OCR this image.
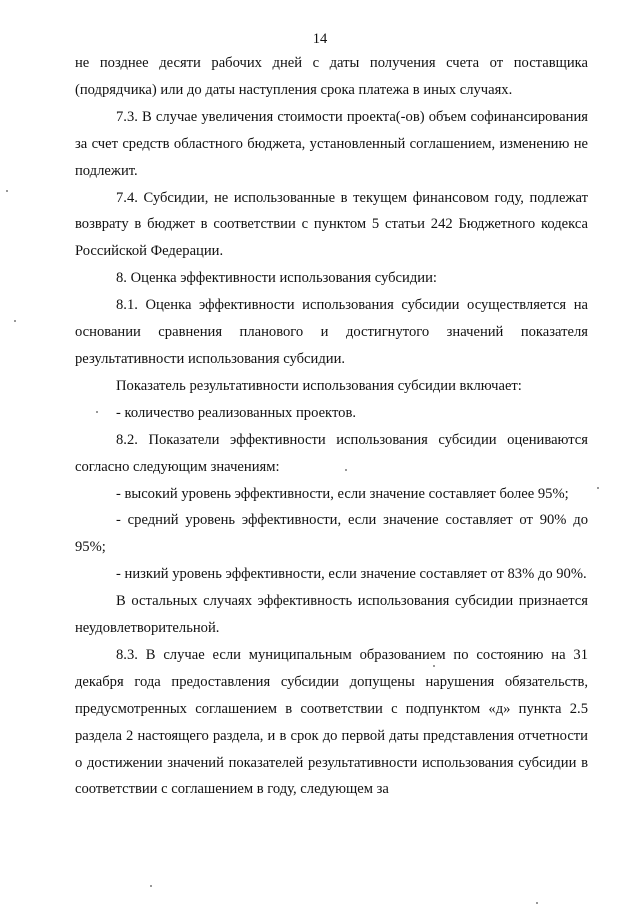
14

не позднее десяти рабочих дней с даты получения счета от поставщика (подрядчика) или до даты наступления срока платежа в иных случаях.

7.3. В случае увеличения стоимости проекта(-ов) объем софинансирования за счет средств областного бюджета, установленный соглашением, изменению не подлежит.

7.4. Субсидии, не использованные в текущем финансовом году, подлежат возврату в бюджет в соответствии с пунктом 5 статьи 242 Бюджетного кодекса Российской Федерации.

8. Оценка эффективности использования субсидии:

8.1. Оценка эффективности использования субсидии осуществляется на основании сравнения планового и достигнутого значений показателя результативности использования субсидии.

Показатель результативности использования субсидии включает:

- количество реализованных проектов.

8.2. Показатели эффективности использования субсидии оцениваются согласно следующим значениям:

- высокий уровень эффективности, если значение составляет более 95%;

- средний уровень эффективности, если значение составляет от 90% до 95%;

- низкий уровень эффективности, если значение составляет от 83% до 90%.

В остальных случаях эффективность использования субсидии признается неудовлетворительной.

8.3. В случае если муниципальным образованием по состоянию на 31 декабря года предоставления субсидии допущены нарушения обязательств, предусмотренных соглашением в соответствии с подпунктом «д» пункта 2.5 раздела 2 настоящего раздела, и в срок до первой даты представления отчетности о достижении значений показателей результативности использования субсидии в соответствии с соглашением в году, следующем за
